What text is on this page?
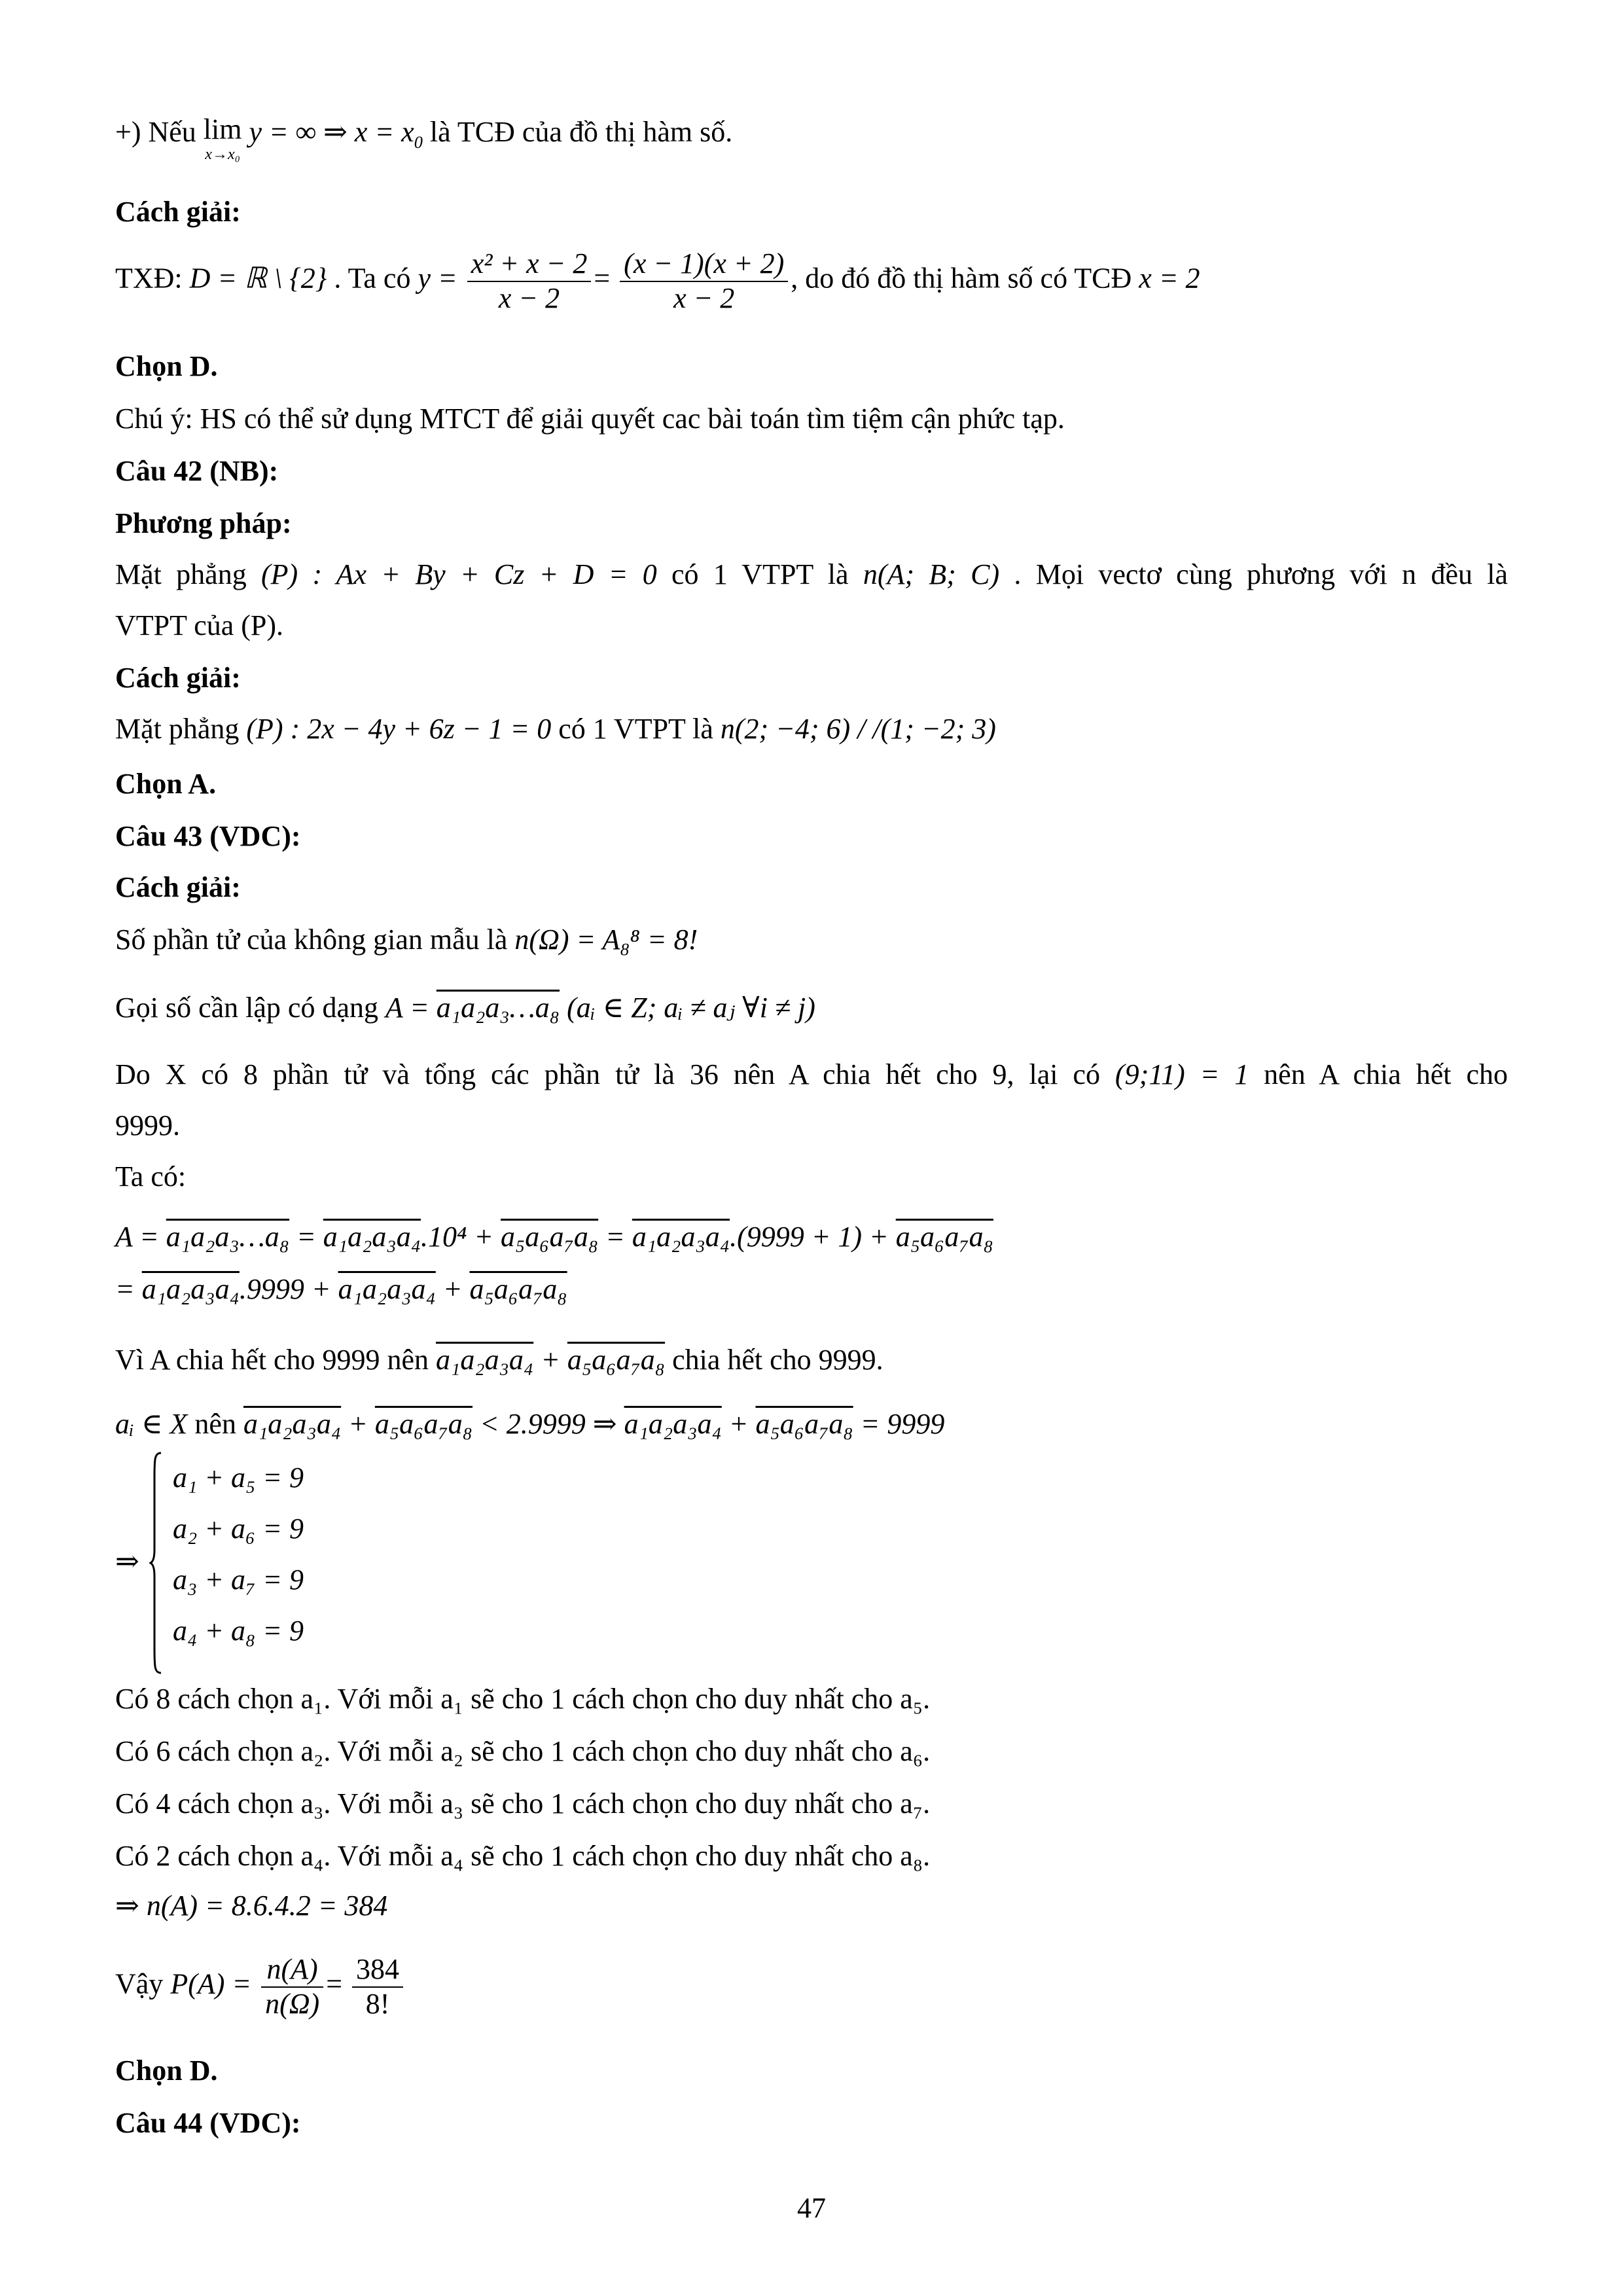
+) Nếu lim
x→x₀
y = ∞ ⇒ $x = x_0$ là TCĐ của đồ thị hàm số.
Cách giải:
TXĐ: D = ℝ \ {2} . Ta có $y = \frac{\text{x² + x − 2}}{x - 2} = \frac{(x - 1)(x + 2)}{x - 2}$ , do đó đồ thị hàm số có TCĐ x = 2
Chọn D.
Chú ý: HS có thể sử dụng MTCT để giải quyết cac bài toán tìm tiệm cận phức tạp.
Câu 42 (NB):
Phương pháp:
Mặt phẳng (P) : Ax + By + Cz + D = 0 có 1 VTPT là n(A; B; C) . Mọi vectơ cùng phương với n đều là
VTPT của (P).
Cách giải:
Mặt phẳng (P) : 2x − 4y + 6z − 1 = 0 có 1 VTPT là n(2; −4; 6) / /(1; −2; 3)
Chọn A.
Câu 43 (VDC):
Cách giải:
Số phần tử của không gian mẫu là n(Ω) = A₈⁸ = 8!
Gọi số cần lập có dạng A = a₁a₂a₃…a₈ (aᵢ ∈ Z; aᵢ ≠ aⱼ ∀i ≠ j)
Do X có 8 phần tử và tổng các phần tử là 36 nên A chia hết cho 9, lại có (9;11) = 1 nên A chia hết cho
9999.
Ta có:
A = a₁a₂a₃…a₈ = a₁a₂a₃a₄.10⁴ + a₅a₆a₇a₈ = a₁a₂a₃a₄.(9999 + 1) + a₅a₆a₇a₈
= a₁a₂a₃a₄.9999 + a₁a₂a₃a₄ + a₅a₆a₇a₈
Vì A chia hết cho 9999 nên a₁a₂a₃a₄ + a₅a₆a₇a₈ chia hết cho 9999.
aᵢ ∈ X nên a₁a₂a₃a₄ + a₅a₆a₇a₈ < 2.9999 ⇒ a₁a₂a₃a₄ + a₅a₆a₇a₈ = 9999
⇒
a₁ + a₅ = 9
a₂ + a₆ = 9
a₃ + a₇ = 9
a₄ + a₈ = 9
Có 8 cách chọn a₁. Với mỗi a₁ sẽ cho 1 cách chọn cho duy nhất cho a₅.
Có 6 cách chọn a₂. Với mỗi a₂ sẽ cho 1 cách chọn cho duy nhất cho a₆.
Có 4 cách chọn a₃. Với mỗi a₃ sẽ cho 1 cách chọn cho duy nhất cho a₇.
Có 2 cách chọn a₄. Với mỗi a₄ sẽ cho 1 cách chọn cho duy nhất cho a₈.
⇒ n(A) = 8.6.4.2 = 384
Vậy $P(A) = \frac{n(A)}{n(\Omega)} = \frac{384}{8!}$
Chọn D.
Câu 44 (VDC):
47
